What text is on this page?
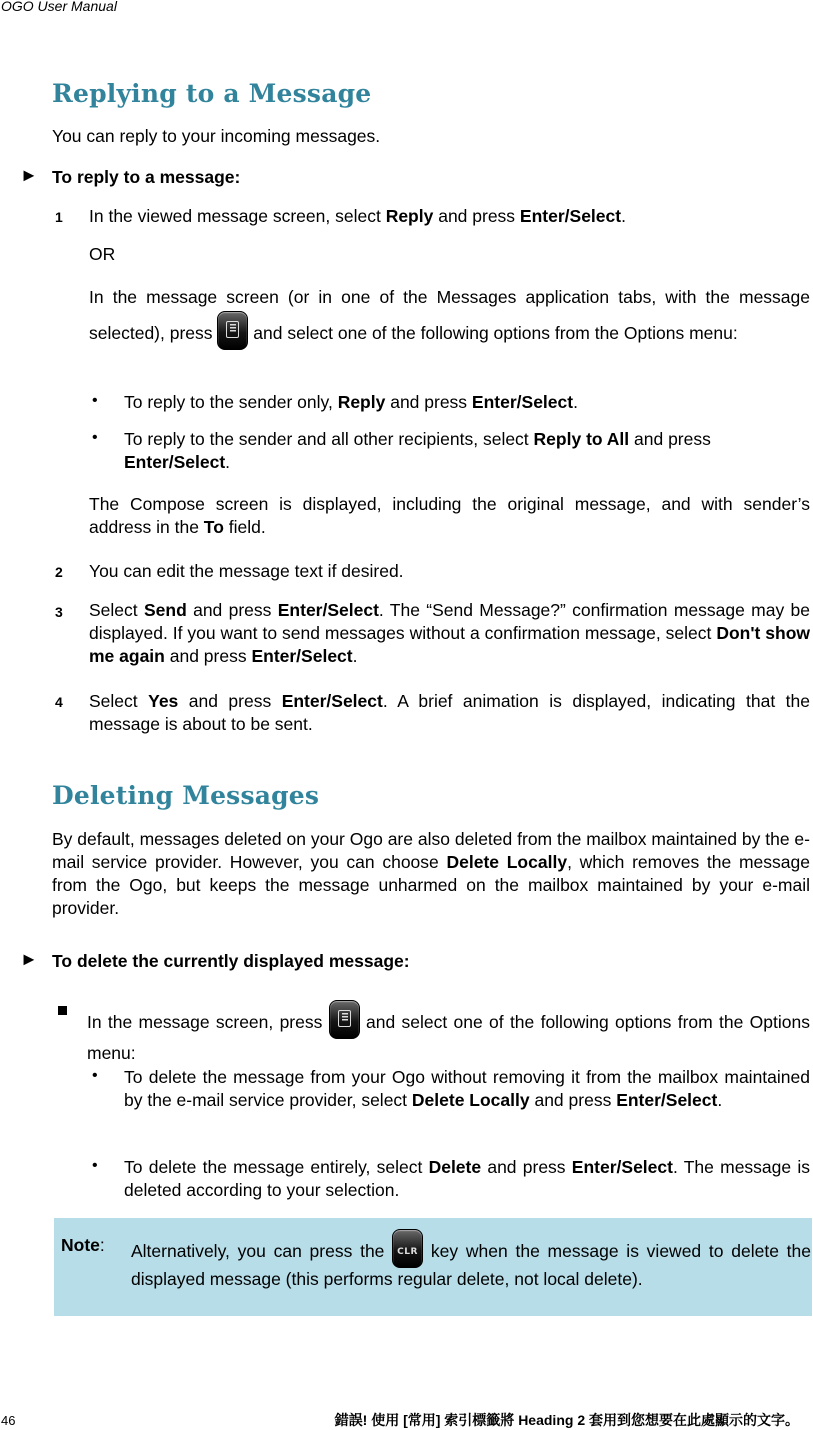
OGO User Manual
Replying to a Message
You can reply to your incoming messages.
► To reply to a message:
1 In the viewed message screen, select Reply and press Enter/Select.
OR
In the message screen (or in one of the Messages application tabs, with the message selected), press  and select one of the following options from the Options menu:
• To reply to the sender only, Reply and press Enter/Select.
• To reply to the sender and all other recipients, select Reply to All and press Enter/Select.
The Compose screen is displayed, including the original message, and with sender’s address in the To field.
2 You can edit the message text if desired.
3 Select Send and press Enter/Select. The “Send Message?” confirmation message may be displayed. If you want to send messages without a confirmation message, select Don't show me again and press Enter/Select.
4 Select Yes and press Enter/Select. A brief animation is displayed, indicating that the message is about to be sent.
Deleting Messages
By default, messages deleted on your Ogo are also deleted from the mailbox maintained by the e-mail service provider. However, you can choose Delete Locally, which removes the message from the Ogo, but keeps the message unharmed on the mailbox maintained by your e-mail provider.
► To delete the currently displayed message:
In the message screen, press  and select one of the following options from the Options menu:
• To delete the message from your Ogo without removing it from the mailbox maintained by the e-mail service provider, select Delete Locally and press Enter/Select.
• To delete the message entirely, select Delete and press Enter/Select. The message is deleted according to your selection.
Note: Alternatively, you can press the CLR key when the message is viewed to delete the displayed message (this performs regular delete, not local delete).
46	錯誤! 使用 [常用] 索引標籤將 Heading 2 套用到您想要在此處顯示的文字。
